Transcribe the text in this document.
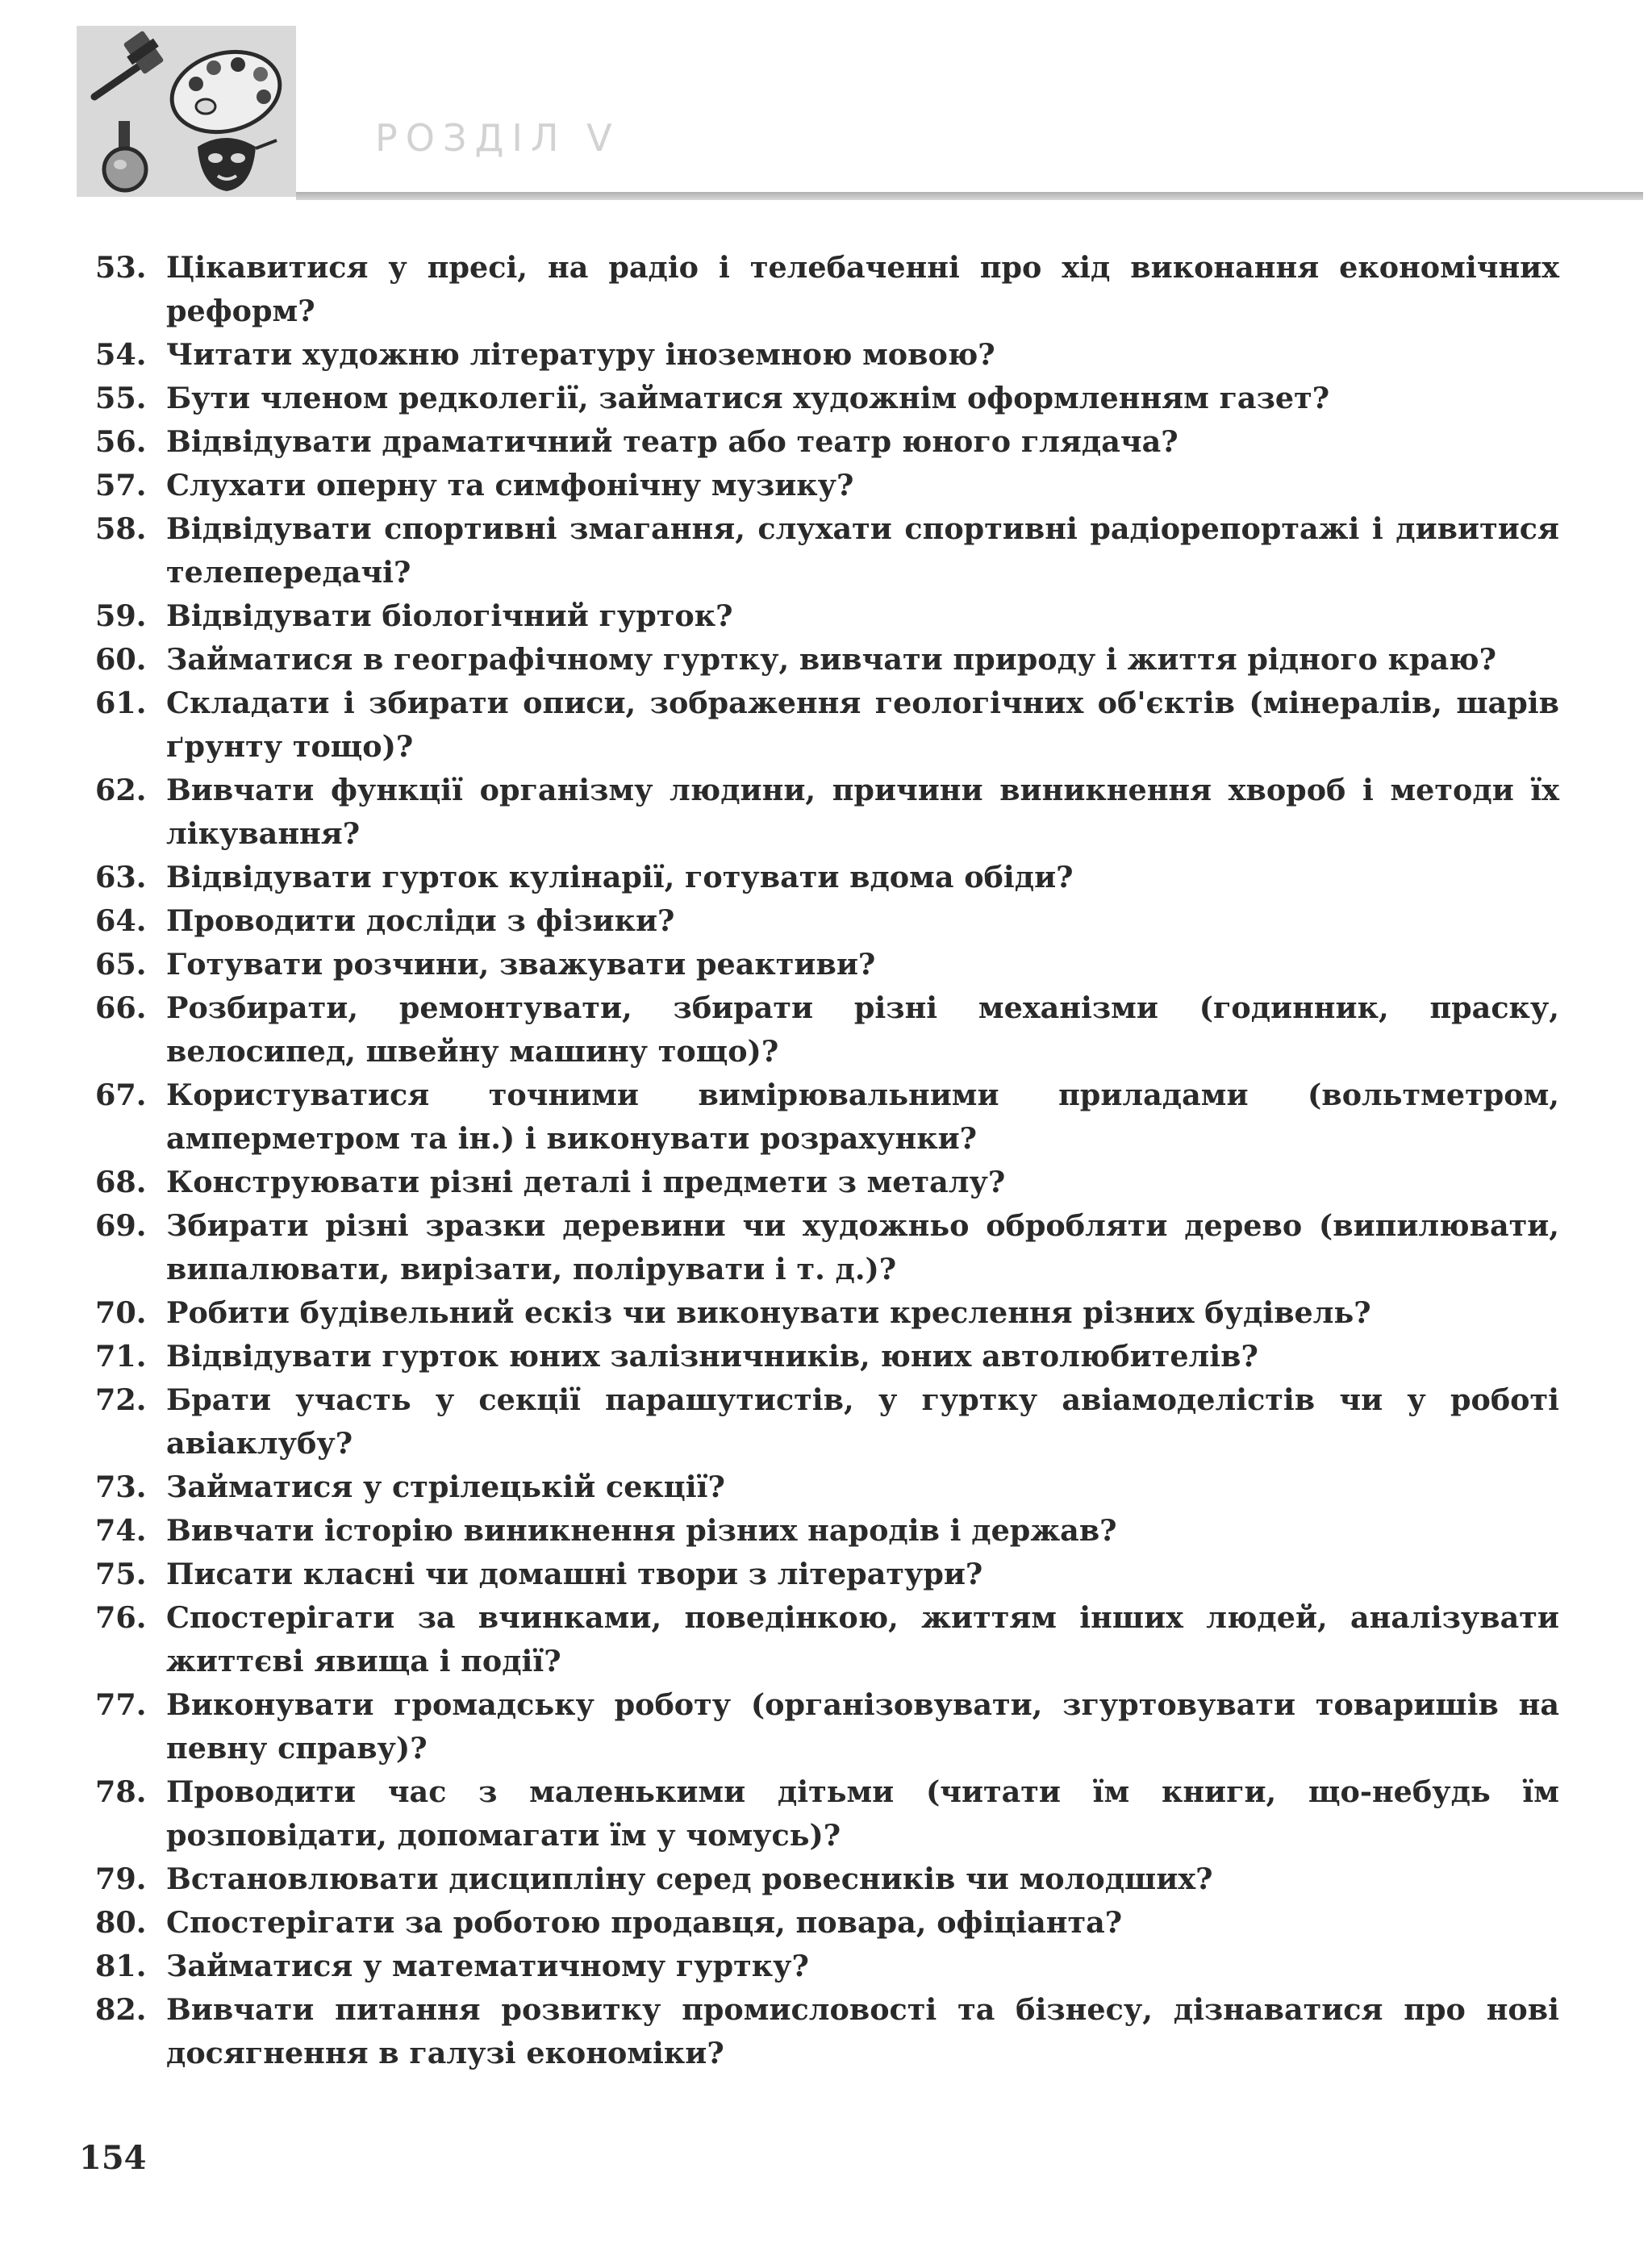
РОЗДІЛ V
53. Цікавитися у пресі, на радіо і телебаченні про хід виконання економічних реформ?
54. Читати художню літературу іноземною мовою?
55. Бути членом редколегії, займатися художнім оформленням газет?
56. Відвідувати драматичний театр або театр юного глядача?
57. Слухати оперну та симфонічну музику?
58. Відвідувати спортивні змагання, слухати спортивні радіорепортажі і дивитися телепередачі?
59. Відвідувати біологічний гурток?
60. Займатися в географічному гуртку, вивчати природу і життя рідного краю?
61. Складати і збирати описи, зображення геологічних об'єктів (мінералів, шарів ґрунту тощо)?
62. Вивчати функції організму людини, причини виникнення хвороб і методи їх лікування?
63. Відвідувати гурток кулінарії, готувати вдома обіди?
64. Проводити досліди з фізики?
65. Готувати розчини, зважувати реактиви?
66. Розбирати, ремонтувати, збирати різні механізми (годинник, праску, велосипед, швейну машину тощо)?
67. Користуватися точними вимірювальними приладами (вольтметром, амперметром та ін.) і виконувати розрахунки?
68. Конструювати різні деталі і предмети з металу?
69. Збирати різні зразки деревини чи художньо обробляти дерево (випилювати, випалювати, вирізати, полірувати і т. д.)?
70. Робити будівельний ескіз чи виконувати креслення різних будівель?
71. Відвідувати гурток юних залізничників, юних автолюбителів?
72. Брати участь у секції парашутистів, у гуртку авіамоделістів чи у роботі авіаклубу?
73. Займатися у стрілецькій секції?
74. Вивчати історію виникнення різних народів і держав?
75. Писати класні чи домашні твори з літератури?
76. Спостерігати за вчинками, поведінкою, життям інших людей, аналізувати життєві явища і події?
77. Виконувати громадську роботу (організовувати, згуртовувати товаришів на певну справу)?
78. Проводити час з маленькими дітьми (читати їм книги, що-небудь їм розповідати, допомагати їм у чомусь)?
79. Встановлювати дисципліну серед ровесників чи молодших?
80. Спостерігати за роботою продавця, повара, офіціанта?
81. Займатися у математичному гуртку?
82. Вивчати питання розвитку промисловості та бізнесу, дізнаватися про нові досягнення в галузі економіки?
154
